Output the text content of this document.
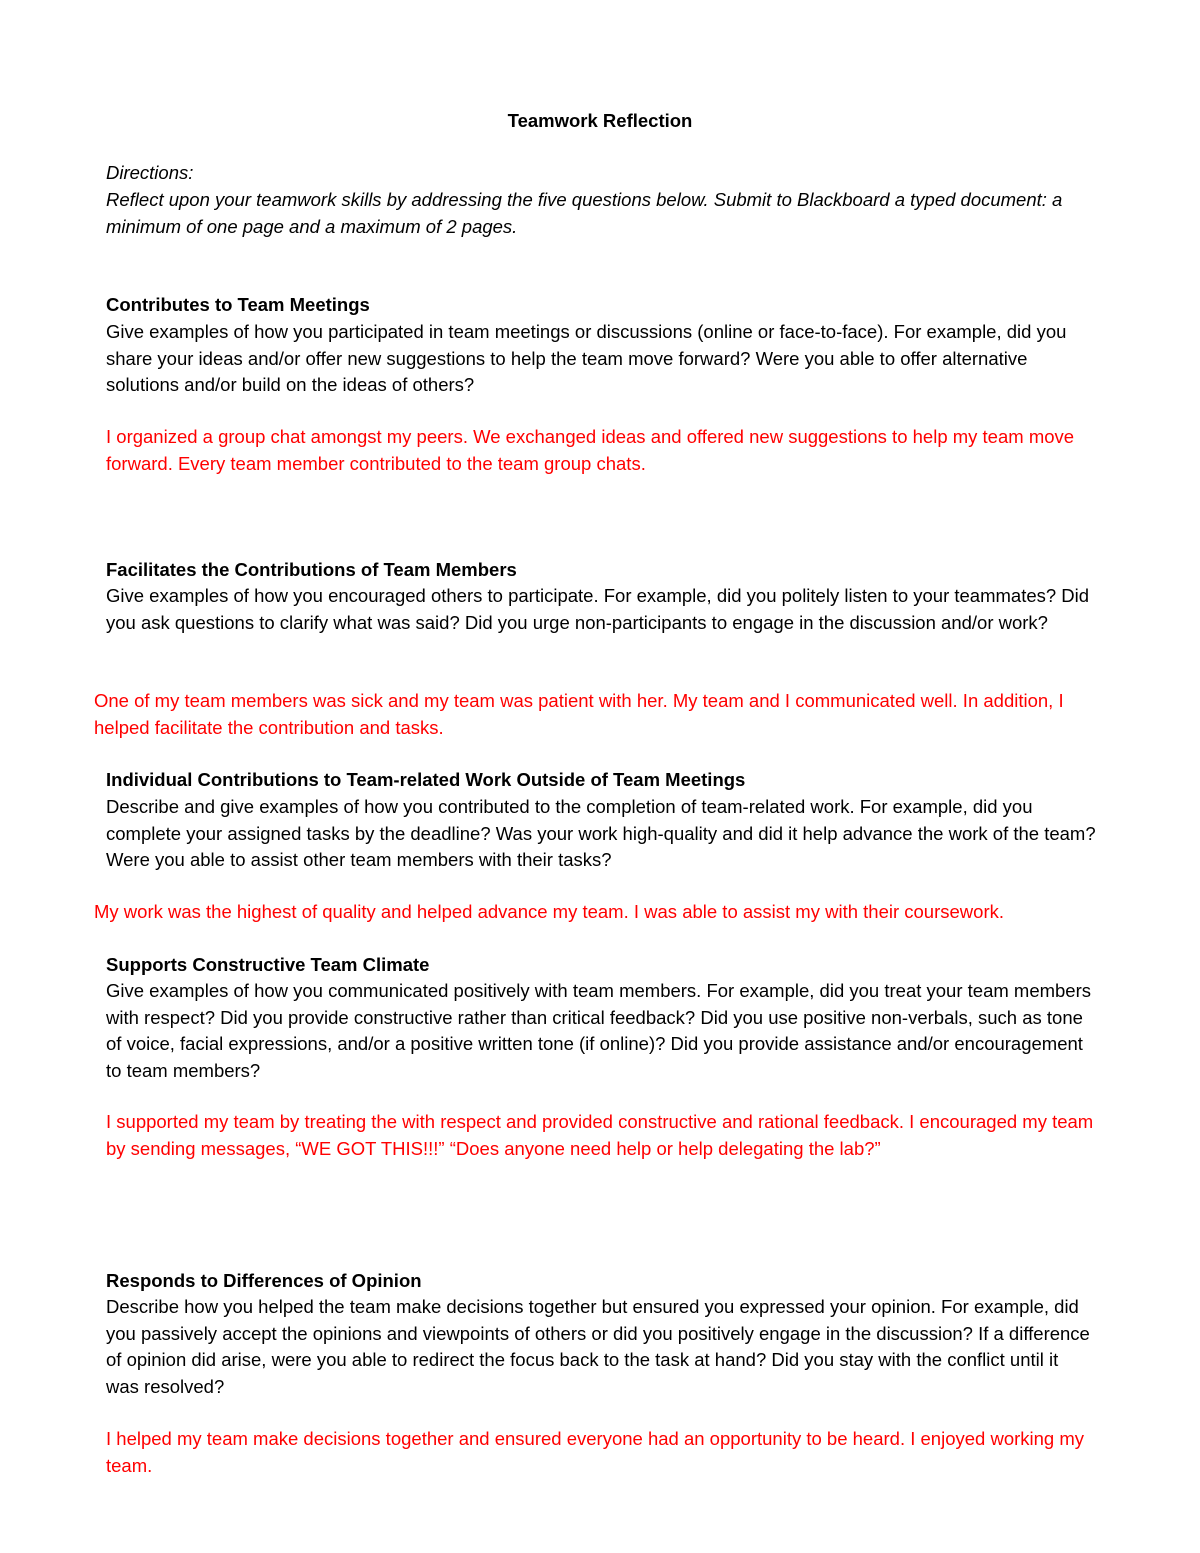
Teamwork Reflection

Directions:

Reflect upon your teamwork skills by addressing the five questions below. Submit to Blackboard a typed document: a minimum of one page and a maximum of 2 pages.

Contributes to Team Meetings

Give examples of how you participated in team meetings or discussions (online or face-to-face). For example, did you share your ideas and/or offer new suggestions to help the team move forward? Were you able to offer alternative solutions and/or build on the ideas of others?

I organized a group chat amongst my peers. We exchanged ideas and offered new suggestions to help my team move forward. Every team member contributed to the team group chats.

Facilitates the Contributions of Team Members

Give examples of how you encouraged others to participate. For example, did you politely listen to your teammates? Did you ask questions to clarify what was said? Did you urge non-participants to engage in the discussion and/or work?

One of my team members was sick and my team was patient with her. My team and I communicated well. In addition, I helped facilitate the contribution and tasks.

Individual Contributions to Team-related Work Outside of Team Meetings

Describe and give examples of how you contributed to the completion of team-related work. For example, did you complete your assigned tasks by the deadline? Was your work high-quality and did it help advance the work of the team? Were you able to assist other team members with their tasks?

My work was the highest of quality and helped advance my team. I was able to assist my with their coursework.

Supports Constructive Team Climate

Give examples of how you communicated positively with team members. For example, did you treat your team members with respect? Did you provide constructive rather than critical feedback? Did you use positive non-verbals, such as tone of voice, facial expressions, and/or a positive written tone (if online)? Did you provide assistance and/or encouragement to team members?

I supported my team by treating the with respect and provided constructive and rational feedback. I encouraged my team by sending messages, “WE GOT THIS!!!” “Does anyone need help or help delegating the lab?”

Responds to Differences of Opinion

Describe how you helped the team make decisions together but ensured you expressed your opinion. For example, did you passively accept the opinions and viewpoints of others or did you positively engage in the discussion? If a difference of opinion did arise, were you able to redirect the focus back to the task at hand? Did you stay with the conflict until it was resolved?

I helped my team make decisions together and ensured everyone had an opportunity to be heard. I enjoyed working my team.
